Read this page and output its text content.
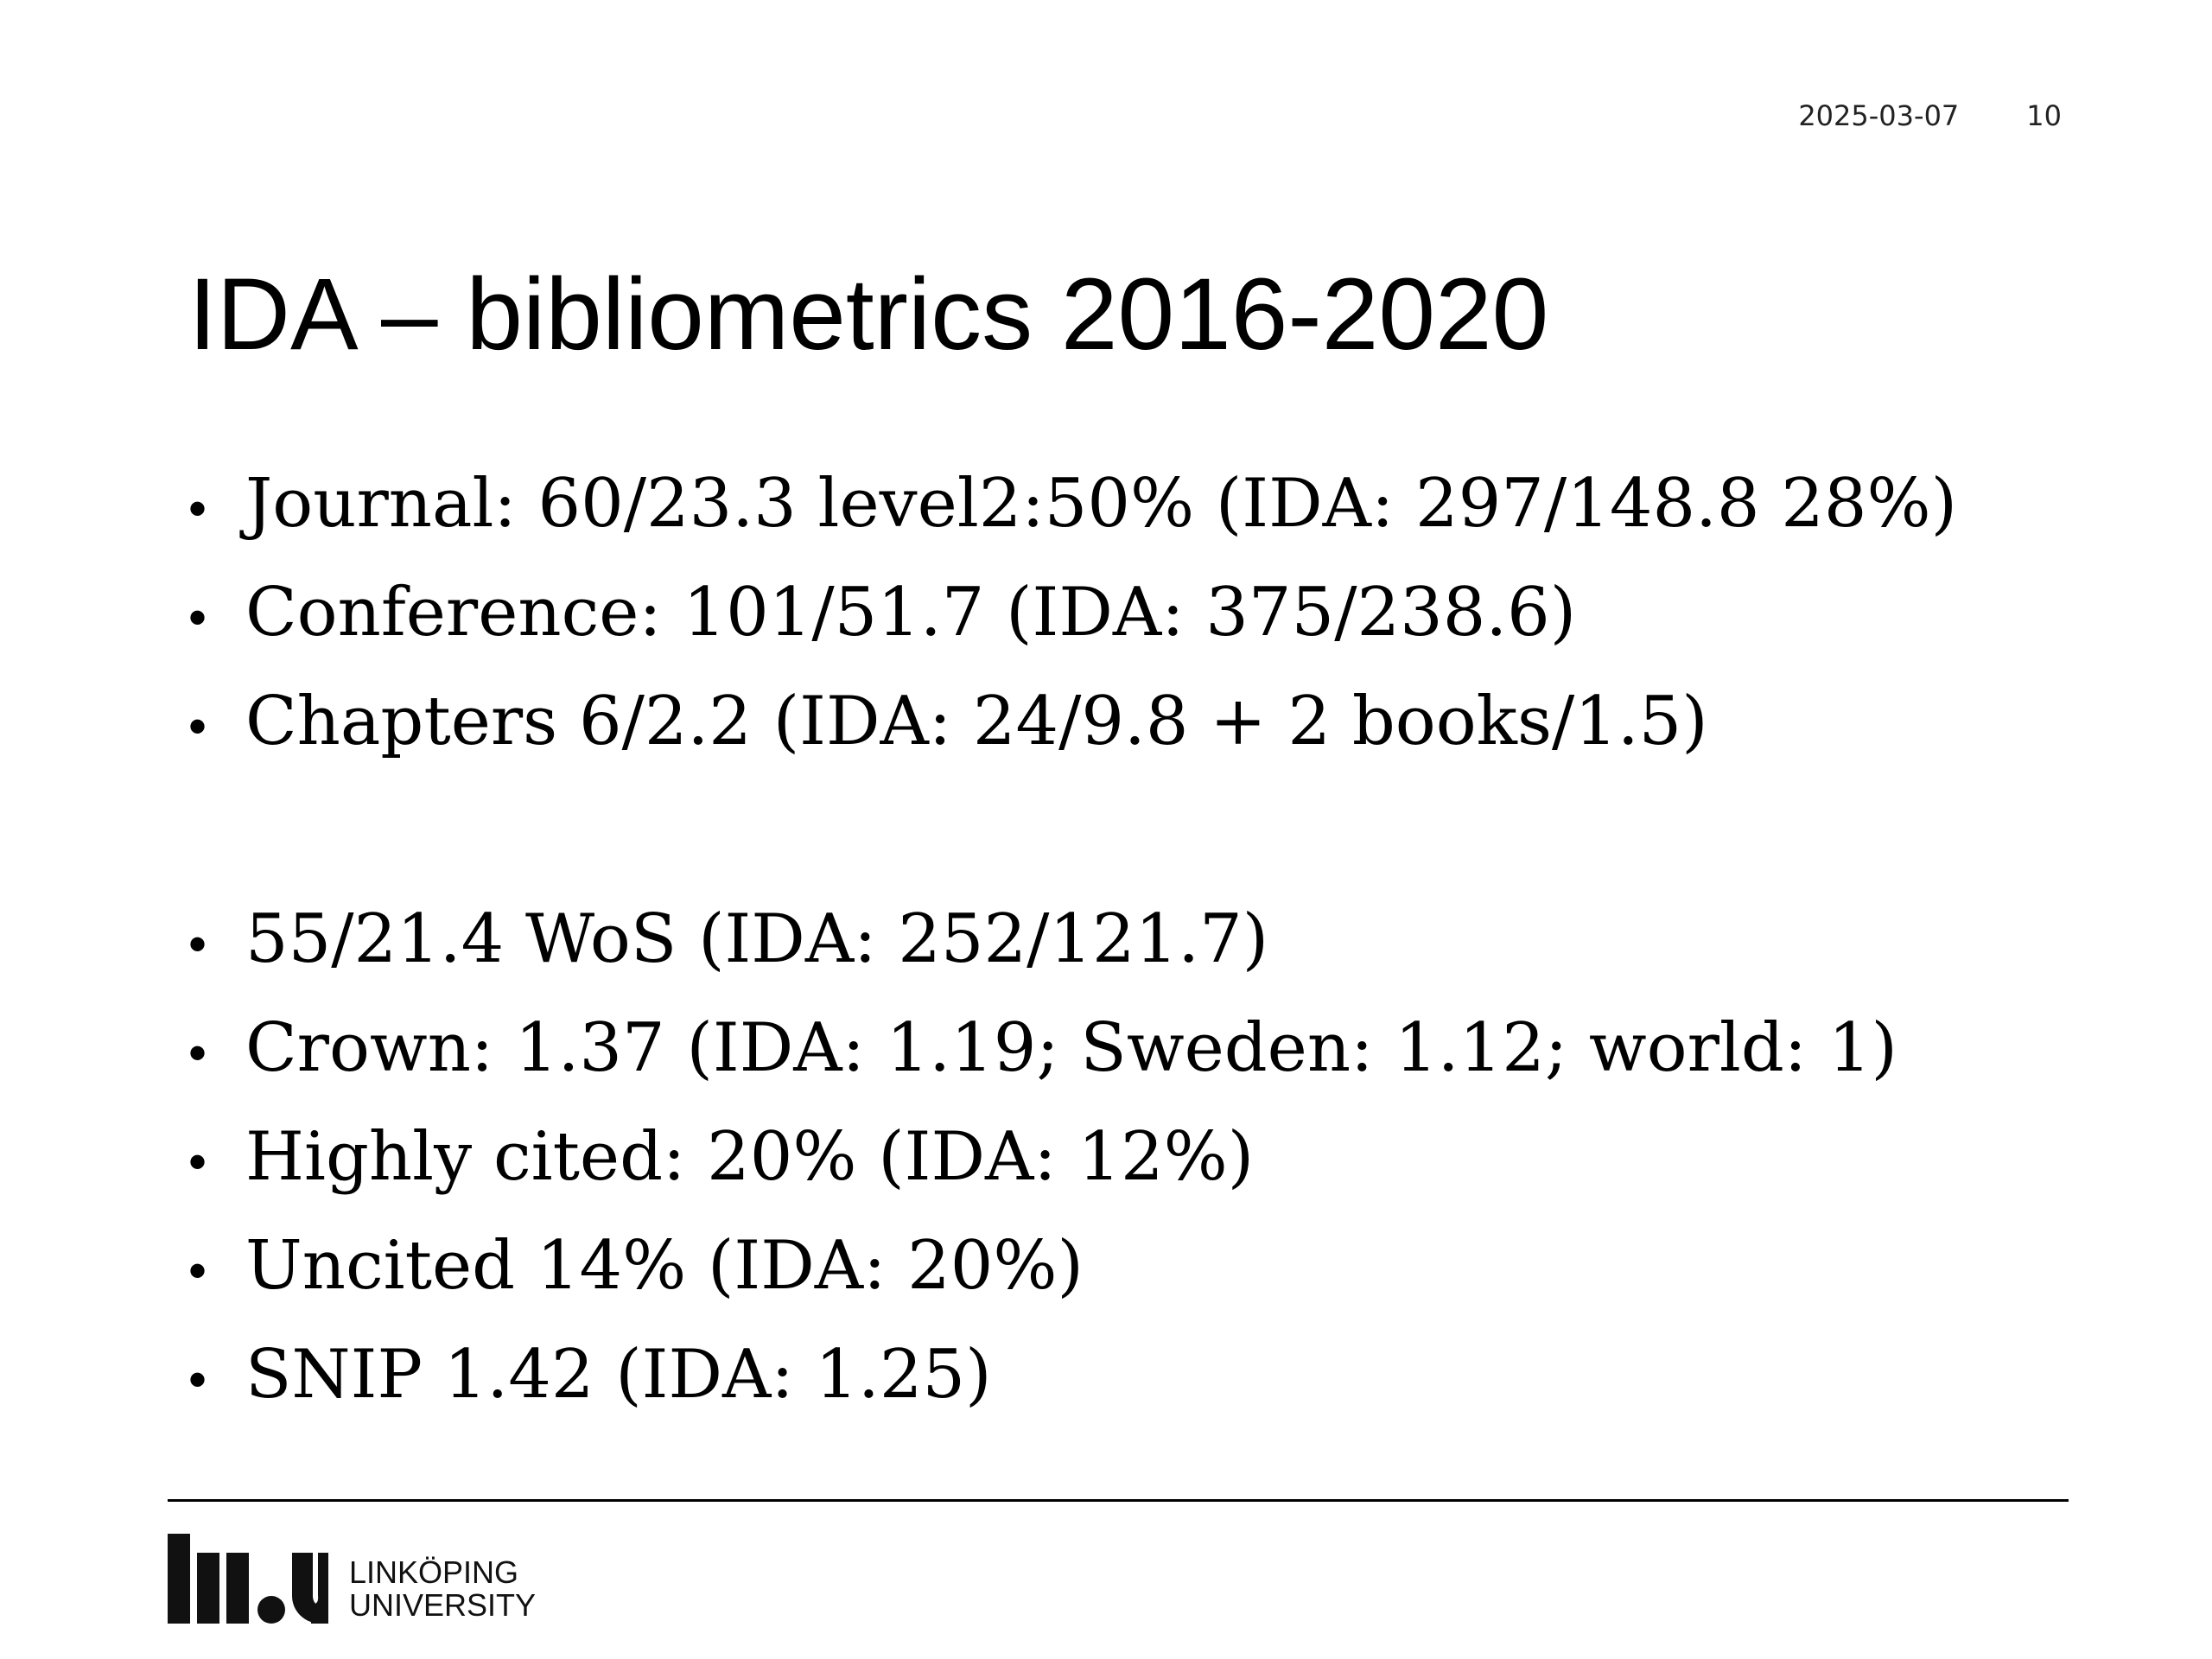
2025-03-07 10
IDA – bibliometrics 2016-2020
• Journal: 60/23.3 level2:50% (IDA: 297/148.8 28%)
• Conference: 101/51.7 (IDA: 375/238.6)
• Chapters 6/2.2 (IDA: 24/9.8 + 2 books/1.5)
• 55/21.4 WoS (IDA: 252/121.7)
• Crown: 1.37 (IDA: 1.19; Sweden: 1.12; world: 1)
• Highly cited: 20% (IDA: 12%)
• Uncited 14% (IDA: 20%)
• SNIP 1.42 (IDA: 1.25)
LINKÖPING
UNIVERSITY
